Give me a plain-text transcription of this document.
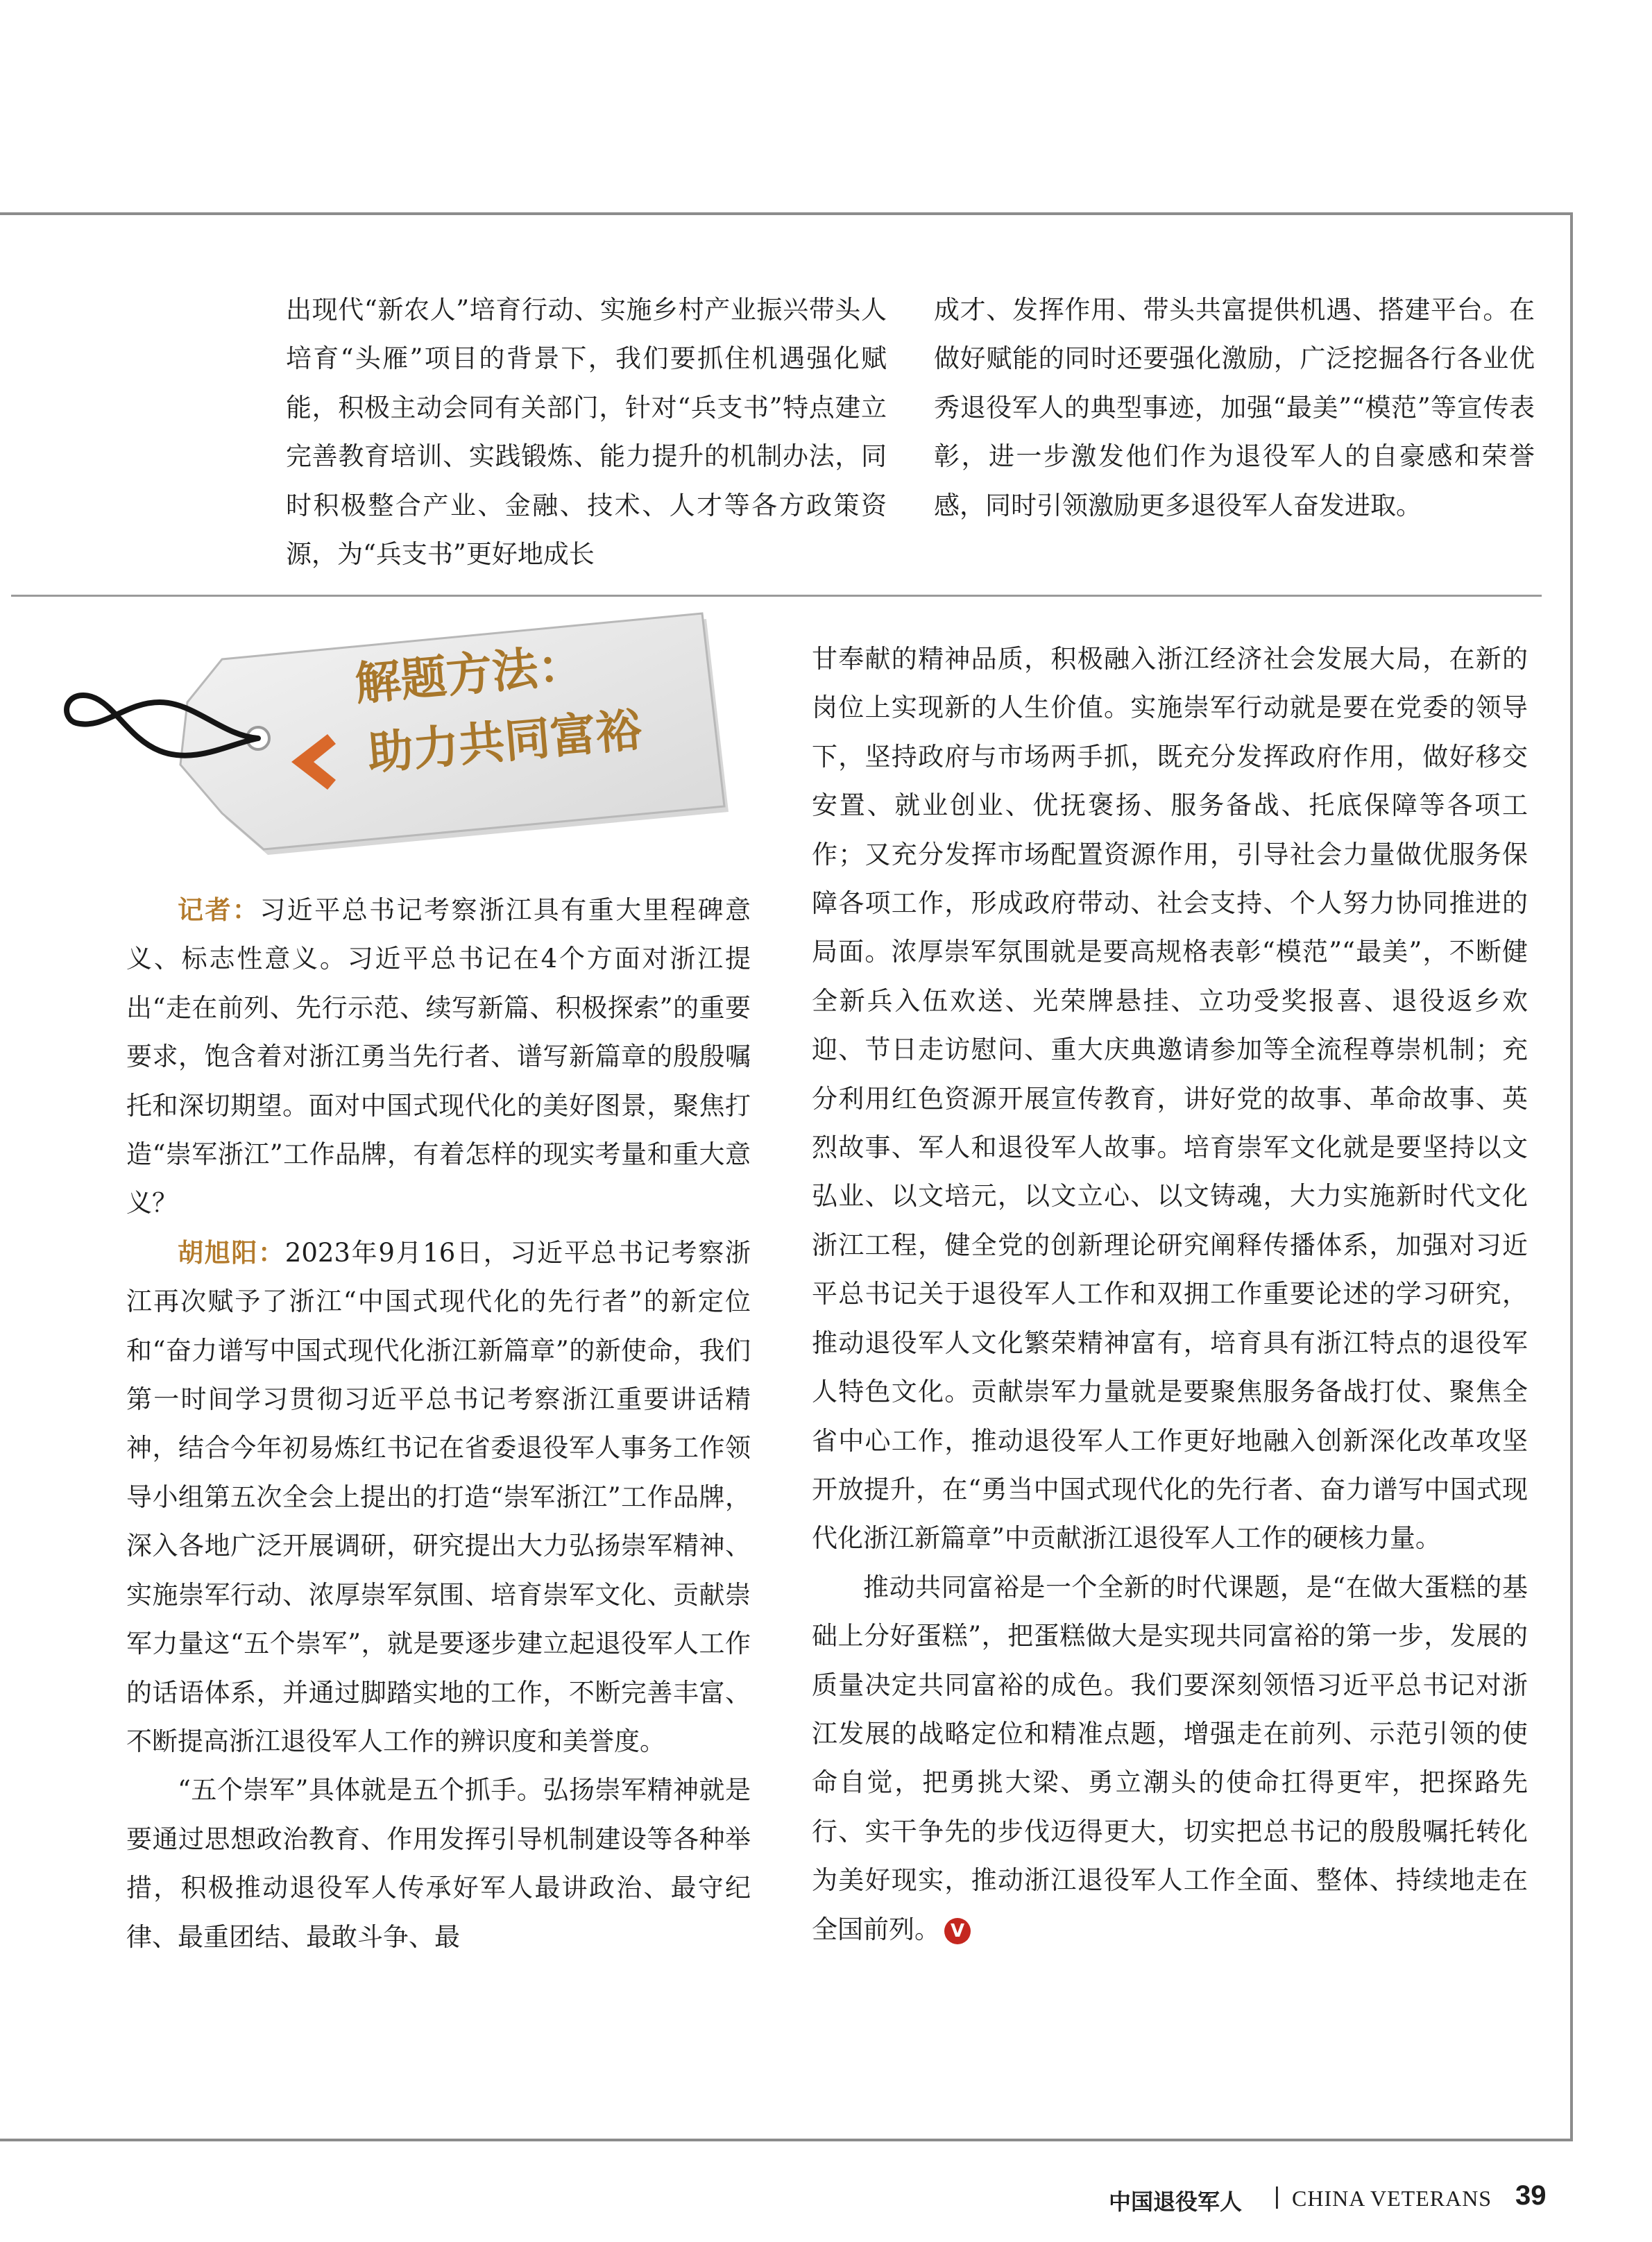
出现代“新农人”培育行动、实施乡村产业振兴带头人培育“头雁”项目的背景下，我们要抓住机遇强化赋能，积极主动会同有关部门，针对“兵支书”特点建立完善教育培训、实践锻炼、能力提升的机制办法，同时积极整合产业、金融、技术、人才等各方政策资源，为“兵支书”更好地成长

成才、发挥作用、带头共富提供机遇、搭建平台。在做好赋能的同时还要强化激励，广泛挖掘各行各业优秀退役军人的典型事迹，加强“最美”“模范”等宣传表彰，进一步激发他们作为退役军人的自豪感和荣誉感，同时引领激励更多退役军人奋发进取。

解题方法：
助力共同富裕

记者：习近平总书记考察浙江具有重大里程碑意义、标志性意义。习近平总书记在4个方面对浙江提出“走在前列、先行示范、续写新篇、积极探索”的重要要求，饱含着对浙江勇当先行者、谱写新篇章的殷殷嘱托和深切期望。面对中国式现代化的美好图景，聚焦打造“崇军浙江”工作品牌，有着怎样的现实考量和重大意义？

胡旭阳：2023年9月16日，习近平总书记考察浙江再次赋予了浙江“中国式现代化的先行者”的新定位和“奋力谱写中国式现代化浙江新篇章”的新使命，我们第一时间学习贯彻习近平总书记考察浙江重要讲话精神，结合今年初易炼红书记在省委退役军人事务工作领导小组第五次全会上提出的打造“崇军浙江”工作品牌，深入各地广泛开展调研，研究提出大力弘扬崇军精神、实施崇军行动、浓厚崇军氛围、培育崇军文化、贡献崇军力量这“五个崇军”，就是要逐步建立起退役军人工作的话语体系，并通过脚踏实地的工作，不断完善丰富、不断提高浙江退役军人工作的辨识度和美誉度。

“五个崇军”具体就是五个抓手。弘扬崇军精神就是要通过思想政治教育、作用发挥引导机制建设等各种举措，积极推动退役军人传承好军人最讲政治、最守纪律、最重团结、最敢斗争、最

甘奉献的精神品质，积极融入浙江经济社会发展大局，在新的岗位上实现新的人生价值。实施崇军行动就是要在党委的领导下，坚持政府与市场两手抓，既充分发挥政府作用，做好移交安置、就业创业、优抚褒扬、服务备战、托底保障等各项工作；又充分发挥市场配置资源作用，引导社会力量做优服务保障各项工作，形成政府带动、社会支持、个人努力协同推进的局面。浓厚崇军氛围就是要高规格表彰“模范”“最美”，不断健全新兵入伍欢送、光荣牌悬挂、立功受奖报喜、退役返乡欢迎、节日走访慰问、重大庆典邀请参加等全流程尊崇机制；充分利用红色资源开展宣传教育，讲好党的故事、革命故事、英烈故事、军人和退役军人故事。培育崇军文化就是要坚持以文弘业、以文培元，以文立心、以文铸魂，大力实施新时代文化浙江工程，健全党的创新理论研究阐释传播体系，加强对习近平总书记关于退役军人工作和双拥工作重要论述的学习研究，推动退役军人文化繁荣精神富有，培育具有浙江特点的退役军人特色文化。贡献崇军力量就是要聚焦服务备战打仗、聚焦全省中心工作，推动退役军人工作更好地融入创新深化改革攻坚开放提升，在“勇当中国式现代化的先行者、奋力谱写中国式现代化浙江新篇章”中贡献浙江退役军人工作的硬核力量。

推动共同富裕是一个全新的时代课题，是“在做大蛋糕的基础上分好蛋糕”，把蛋糕做大是实现共同富裕的第一步，发展的质量决定共同富裕的成色。我们要深刻领悟习近平总书记对浙江发展的战略定位和精准点题，增强走在前列、示范引领的使命自觉，把勇挑大梁、勇立潮头的使命扛得更牢，把探路先行、实干争先的步伐迈得更大，切实把总书记的殷殷嘱托转化为美好现实，推动浙江退役军人工作全面、整体、持续地走在全国前列。 V

中国退役军人 | CHINA VETERANS 39
